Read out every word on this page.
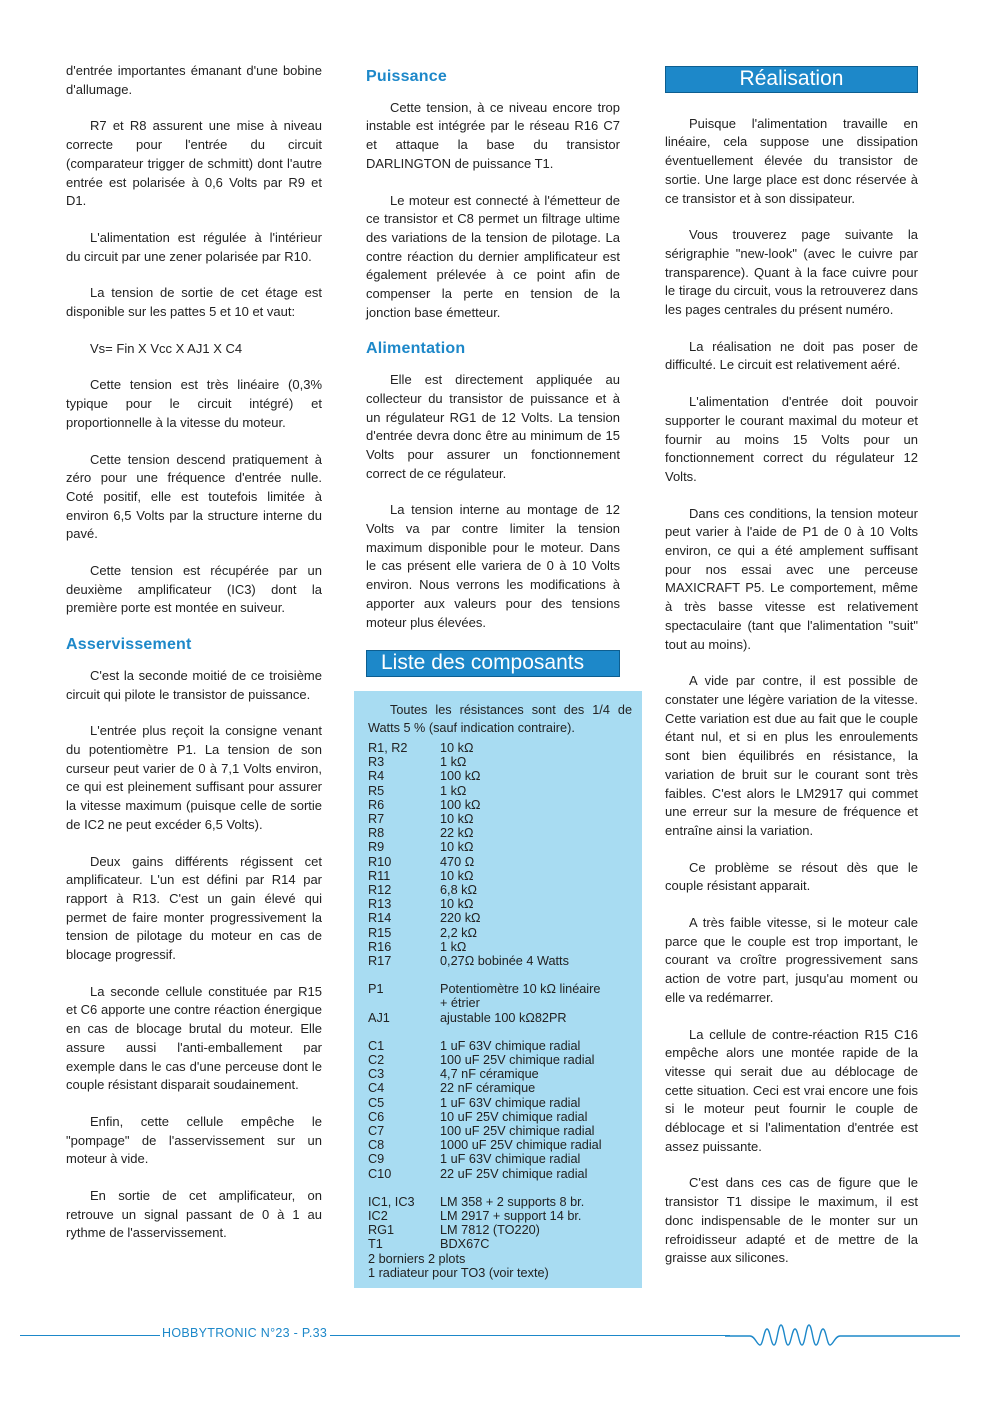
d'entrée importantes émanant d'une bobine d'allumage.

R7 et R8 assurent une mise à niveau correcte pour l'entrée du circuit (comparateur trigger de schmitt) dont l'autre entrée est polarisée à 0,6 Volts par R9 et D1.

L'alimentation est régulée à l'intérieur du circuit par une zener polarisée par R10.

La tension de sortie de cet étage est disponible sur les pattes 5 et 10 et vaut:

Vs= Fin X Vcc X AJ1 X C4

Cette tension est très linéaire (0,3% typique pour le circuit intégré) et proportionnelle à la vitesse du moteur.

Cette tension descend pratiquement à zéro pour une fréquence d'entrée nulle. Coté positif, elle est toutefois limitée à environ 6,5 Volts par la structure interne du pavé.

Cette tension est récupérée par un deuxième amplificateur (IC3) dont la première porte est montée en suiveur.

Asservissement

C'est la seconde moitié de ce troisième circuit qui pilote le transistor de puissance.

L'entrée plus reçoit la consigne venant du potentiomètre P1. La tension de son curseur peut varier de 0 à 7,1 Volts environ, ce qui est pleinement suffisant pour assurer la vitesse maximum (puisque celle de sortie de IC2 ne peut excéder 6,5 Volts).

Deux gains différents régissent cet amplificateur. L'un est défini par R14 par rapport à R13. C'est un gain élevé qui permet de faire monter progressivement la tension de pilotage du moteur en cas de blocage progressif.

La seconde cellule constituée par R15 et C6 apporte une contre réaction énergique en cas de blocage brutal du moteur. Elle assure aussi l'anti-emballement par exemple dans le cas d'une perceuse dont le couple résistant disparait soudainement.

Enfin, cette cellule empêche le "pompage" de l'asservissement sur un moteur à vide.

En sortie de cet amplificateur, on retrouve un signal passant de 0 à 1 au rythme de l'asservissement.

Puissance

Cette tension, à ce niveau encore trop instable est intégrée par le réseau R16 C7 et attaque la base du transistor DARLINGTON de puissance T1.

Le moteur est connecté à l'émetteur de ce transistor et C8 permet un filtrage ultime des variations de la tension de pilotage. La contre réaction du dernier amplificateur est également prélevée à ce point afin de compenser la perte en tension de la jonction base émetteur.

Alimentation

Elle est directement appliquée au collecteur du transistor de puissance et à un régulateur RG1 de 12 Volts. La tension d'entrée devra donc être au minimum de 15 Volts pour assurer un fonctionnement correct de ce régulateur.

La tension interne au montage de 12 Volts va par contre limiter la tension maximum disponible pour le moteur. Dans le cas présent elle variera de 0 à 10 Volts environ. Nous verrons les modifications à apporter aux valeurs pour des tensions moteur plus élevées.

Liste des composants
Toutes les résistances sont des 1/4 de Watts 5 % (sauf indication contraire).
R1, R2	10 kΩ
R3	1 kΩ
R4	100 kΩ
R5	1 kΩ
R6	100 kΩ
R7	10 kΩ
R8	22 kΩ
R9	10 kΩ
R10	470 Ω
R11	10 kΩ
R12	6,8 kΩ
R13	10 kΩ
R14	220 kΩ
R15	2,2 kΩ
R16	1 kΩ
R17	0,27Ω bobinée 4 Watts
P1	Potentiomètre 10 kΩ linéaire
+ étrier
AJ1	ajustable 100 kΩ82PR
C1	1 uF 63V chimique radial
C2	100 uF 25V chimique radial
C3	4,7 nF céramique
C4	22 nF céramique
C5	1 uF 63V chimique radial
C6	10 uF 25V chimique radial
C7	100 uF 25V chimique radial
C8	1000 uF 25V chimique radial
C9	1 uF 63V chimique radial
C10	22 uF 25V chimique radial
IC1, IC3	LM 358 + 2 supports 8 br.
IC2	LM 2917 + support 14 br.
RG1	LM 7812 (TO220)
T1	BDX67C
2 borniers 2 plots
1 radiateur pour TO3 (voir texte)
Réalisation

Puisque l'alimentation travaille en linéaire, cela suppose une dissipation éventuellement élevée du transistor de sortie. Une large place est donc réservée à ce transistor et à son dissipateur.

Vous trouverez page suivante la sérigraphie "new-look" (avec le cuivre par transparence). Quant à la face cuivre pour le tirage du circuit, vous la retrouverez dans les pages centrales du présent numéro.

La réalisation ne doit pas poser de difficulté. Le circuit est relativement aéré.

L'alimentation d'entrée doit pouvoir supporter le courant maximal du moteur et fournir au moins 15 Volts pour un fonctionnement correct du régulateur 12 Volts.

Dans ces conditions, la tension moteur peut varier à l'aide de P1 de 0 à 10 Volts environ, ce qui a été amplement suffisant pour nos essai avec une perceuse MAXICRAFT P5. Le comportement, même à très basse vitesse est relativement spectaculaire (tant que l'alimentation "suit" tout au moins).

A vide par contre, il est possible de constater une légère variation de la vitesse. Cette variation est due au fait que le couple étant nul, et si en plus les enroulements sont bien équilibrés en résistance, la variation de bruit sur le courant sont très faibles. C'est alors le LM2917 qui commet une erreur sur la mesure de fréquence et entraîne ainsi la variation.

Ce problème se résout dès que le couple résistant apparait.

A très faible vitesse, si le moteur cale parce que le couple est trop important, le courant va croître progressivement sans action de votre part, jusqu'au moment ou elle va redémarrer.

La cellule de contre-réaction R15 C16 empêche alors une montée rapide de la vitesse qui serait due au déblocage de cette situation. Ceci est vrai encore une fois si le moteur peut fournir le couple de déblocage et si l'alimentation d'entrée est assez puissante.

C'est dans ces cas de figure que le transistor T1 dissipe le maximum, il est donc indispensable de le monter sur un refroidisseur adapté et de mettre de la graisse aux silicones.

HOBBYTRONIC N°23 - P.33
